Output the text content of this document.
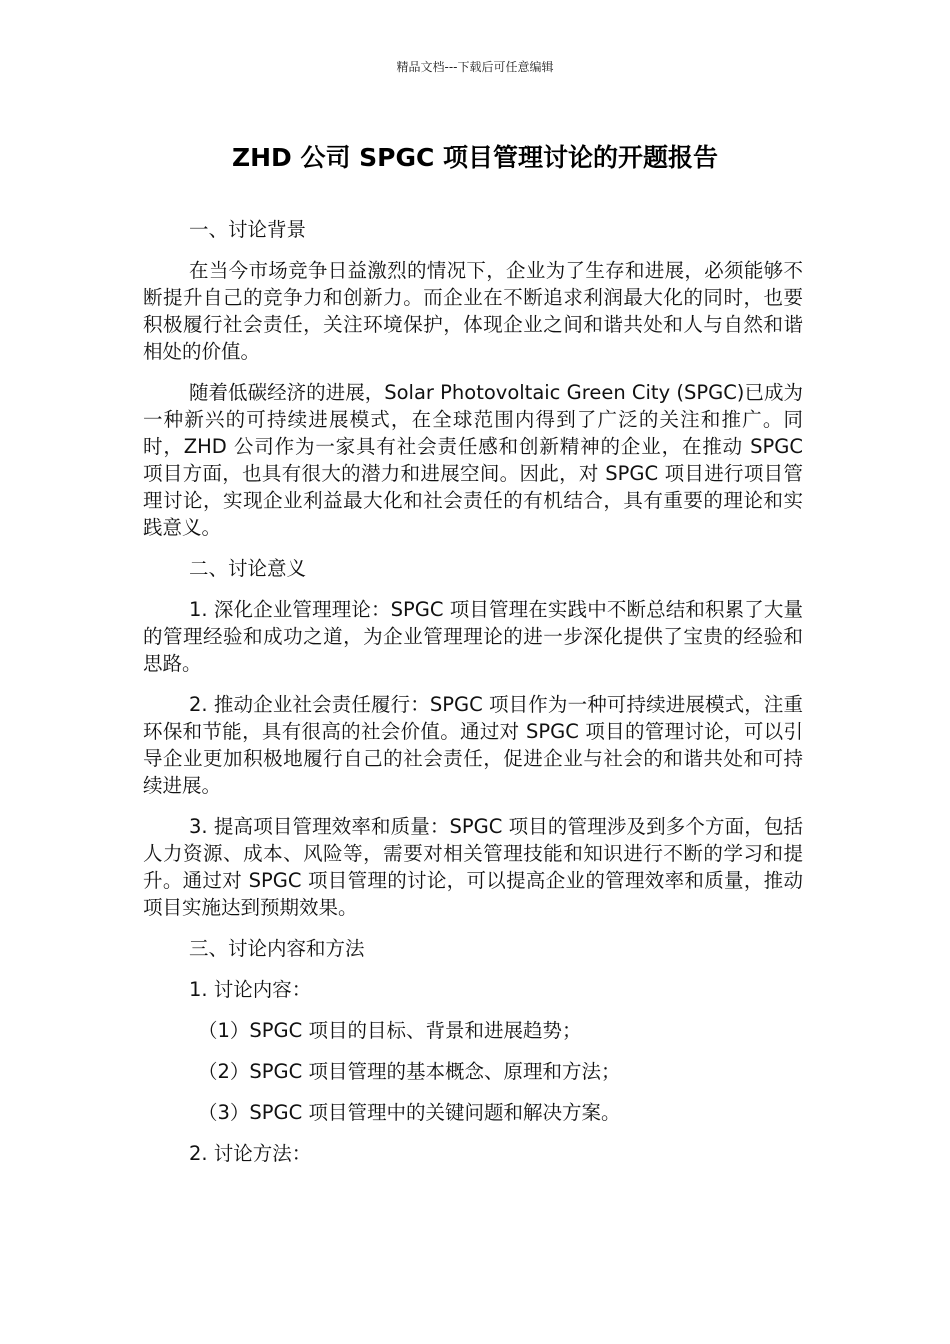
精品文档---下载后可任意编辑
ZHD 公司 SPGC 项目管理讨论的开题报告

一、讨论背景

在当今市场竞争日益激烈的情况下，企业为了生存和进展，必须能够不断提升自己的竞争力和创新力。而企业在不断追求利润最大化的同时，也要积极履行社会责任，关注环境保护，体现企业之间和谐共处和人与自然和谐相处的价值。

随着低碳经济的进展，Solar Photovoltaic Green City (SPGC)已成为一种新兴的可持续进展模式，在全球范围内得到了广泛的关注和推广。同时，ZHD 公司作为一家具有社会责任感和创新精神的企业，在推动 SPGC 项目方面，也具有很大的潜力和进展空间。因此，对 SPGC 项目进行项目管理讨论，实现企业利益最大化和社会责任的有机结合，具有重要的理论和实践意义。

二、讨论意义

1. 深化企业管理理论：SPGC 项目管理在实践中不断总结和积累了大量的管理经验和成功之道，为企业管理理论的进一步深化提供了宝贵的经验和思路。

2. 推动企业社会责任履行：SPGC 项目作为一种可持续进展模式，注重环保和节能，具有很高的社会价值。通过对 SPGC 项目的管理讨论，可以引导企业更加积极地履行自己的社会责任，促进企业与社会的和谐共处和可持续进展。

3. 提高项目管理效率和质量：SPGC 项目的管理涉及到多个方面，包括人力资源、成本、风险等，需要对相关管理技能和知识进行不断的学习和提升。通过对 SPGC 项目管理的讨论，可以提高企业的管理效率和质量，推动项目实施达到预期效果。

三、讨论内容和方法

1. 讨论内容：

（1）SPGC 项目的目标、背景和进展趋势；

（2）SPGC 项目管理的基本概念、原理和方法；

（3）SPGC 项目管理中的关键问题和解决方案。

2. 讨论方法：
